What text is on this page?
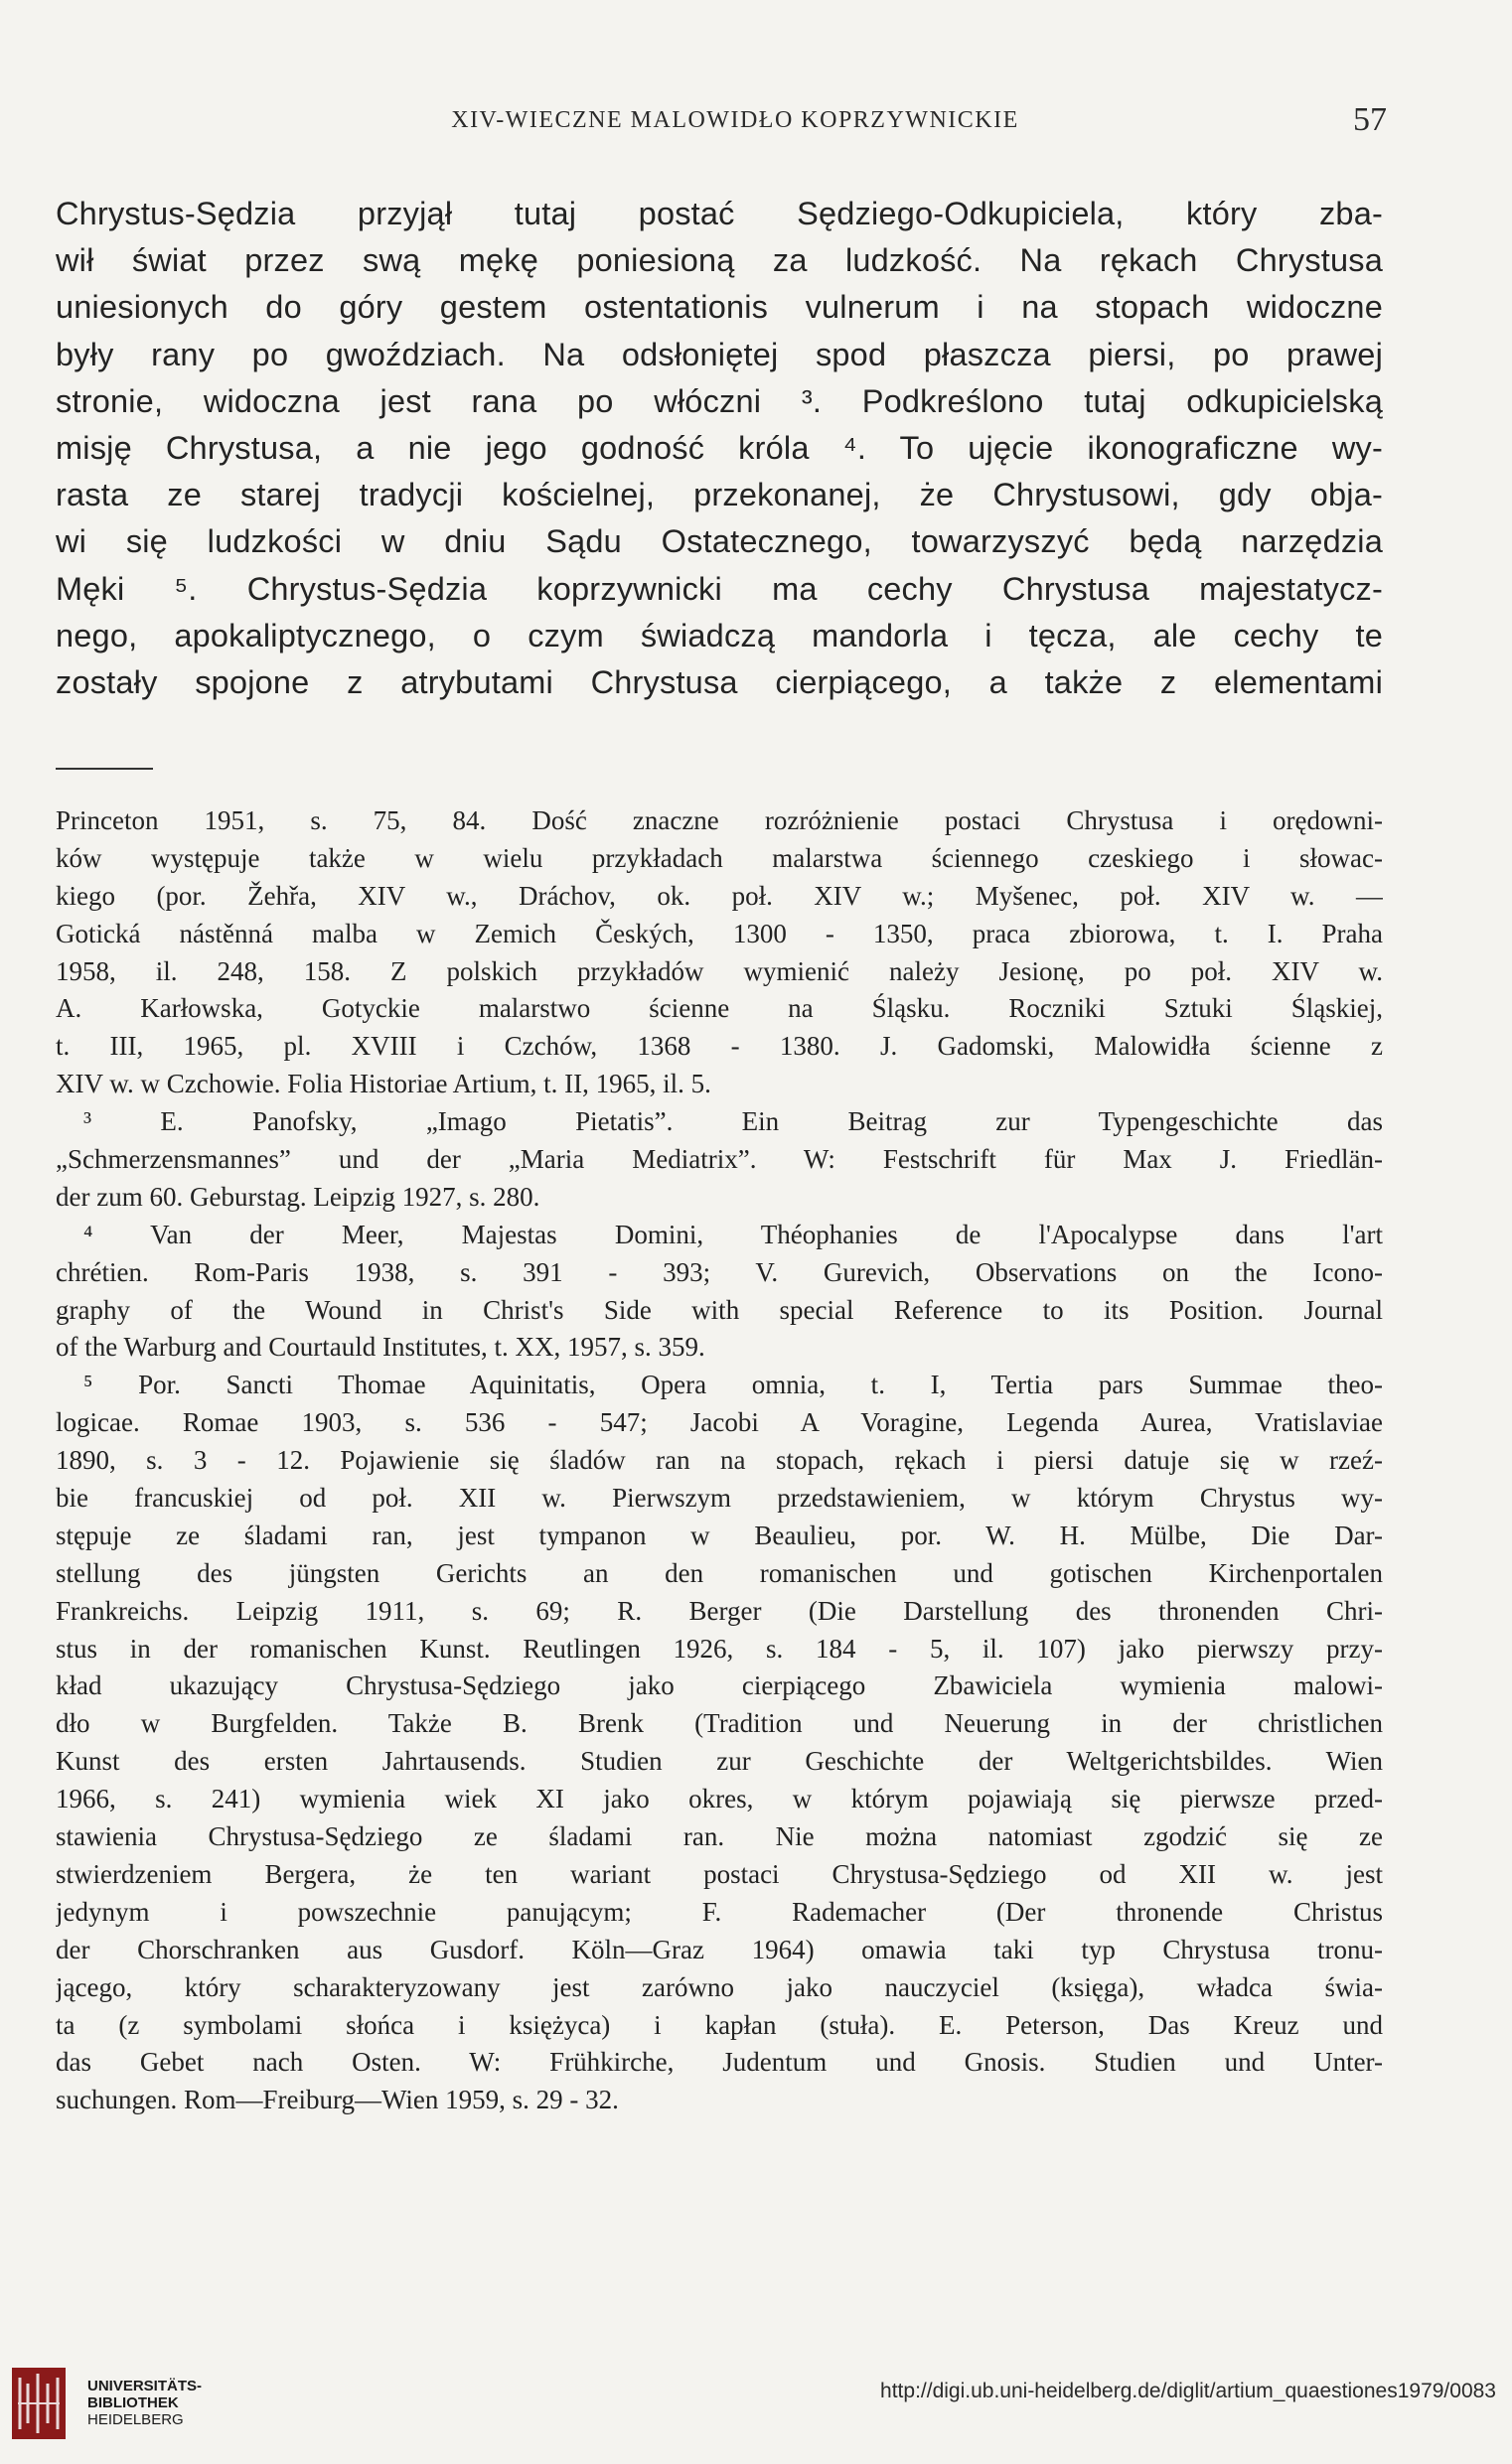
XIV-WIECZNE MALOWIDŁO KOPRZYWNICKIE	57
Chrystus-Sędzia przyjął tutaj postać Sędziego-Odkupiciela, który zba-
wił świat przez swą mękę poniesioną za ludzkość. Na rękach Chrystusa
uniesionych do góry gestem ostentationis vulnerum i na stopach widoczne
były rany po gwoździach. Na odsłoniętej spod płaszcza piersi, po prawej
stronie, widoczna jest rana po włóczni ³. Podkreślono tutaj odkupicielską
misję Chrystusa, a nie jego godność króla ⁴. To ujęcie ikonograficzne wy-
rasta ze starej tradycji kościelnej, przekonanej, że Chrystusowi, gdy obja-
wi się ludzkości w dniu Sądu Ostatecznego, towarzyszyć będą narzędzia
Męki ⁵. Chrystus-Sędzia koprzywnicki ma cechy Chrystusa majestatycz-
nego, apokaliptycznego, o czym świadczą mandorla i tęcza, ale cechy te
zostały spojone z atrybutami Chrystusa cierpiącego, a także z elementami
Princeton 1951, s. 75, 84. Dość znaczne rozróżnienie postaci Chrystusa i orędowni-
ków występuje także w wielu przykładach malarstwa ściennego czeskiego i słowac-
kiego (por. Žehřa, XIV w., Dráchov, ok. poł. XIV w.; Myšenec, poł. XIV w. —
Gotická nástěnná malba w Zemich Českých, 1300 - 1350, praca zbiorowa, t. I. Praha
1958, il. 248, 158. Z polskich przykładów wymienić należy Jesionę, po poł. XIV w.
A. Karłowska, Gotyckie malarstwo ścienne na Śląsku. Roczniki Sztuki Śląskiej,
t. III, 1965, pl. XVIII i Czchów, 1368 - 1380. J. Gadomski, Malowidła ścienne z
XIV w. w Czchowie. Folia Historiae Artium, t. II, 1965, il. 5.
³ E. Panofsky, „Imago Pietatis”. Ein Beitrag zur Typengeschichte das
„Schmerzensmannes” und der „Maria Mediatrix”. W: Festschrift für Max J. Friedlän-
der zum 60. Geburstag. Leipzig 1927, s. 280.
⁴ Van der Meer, Majestas Domini, Théophanies de l'Apocalypse dans l'art
chrétien. Rom-Paris 1938, s. 391 - 393; V. Gurevich, Observations on the Icono-
graphy of the Wound in Christ's Side with special Reference to its Position. Journal
of the Warburg and Courtauld Institutes, t. XX, 1957, s. 359.
⁵ Por. Sancti Thomae Aquinitatis, Opera omnia, t. I, Tertia pars Summae theo-
logicae. Romae 1903, s. 536 - 547; Jacobi A Voragine, Legenda Aurea, Vratislaviae
1890, s. 3 - 12. Pojawienie się śladów ran na stopach, rękach i piersi datuje się w rzeź-
bie francuskiej od poł. XII w. Pierwszym przedstawieniem, w którym Chrystus wy-
stępuje ze śladami ran, jest tympanon w Beaulieu, por. W. H. Mülbe, Die Dar-
stellung des jüngsten Gerichts an den romanischen und gotischen Kirchenportalen
Frankreichs. Leipzig 1911, s. 69; R. Berger (Die Darstellung des thronenden Chri-
stus in der romanischen Kunst. Reutlingen 1926, s. 184 - 5, il. 107) jako pierwszy przy-
kład ukazujący Chrystusa-Sędziego jako cierpiącego Zbawiciela wymienia malowi-
dło w Burgfelden. Także B. Brenk (Tradition und Neuerung in der christlichen
Kunst des ersten Jahrtausends. Studien zur Geschichte der Weltgerichtsbildes. Wien
1966, s. 241) wymienia wiek XI jako okres, w którym pojawiają się pierwsze przed-
stawienia Chrystusa-Sędziego ze śladami ran. Nie można natomiast zgodzić się ze
stwierdzeniem Bergera, że ten wariant postaci Chrystusa-Sędziego od XII w. jest
jedynym i powszechnie panującym; F. Rademacher (Der thronende Christus
der Chorschranken aus Gusdorf. Köln—Graz 1964) omawia taki typ Chrystusa tronu-
jącego, który scharakteryzowany jest zarówno jako nauczyciel (księga), władca świa-
ta (z symbolami słońca i księżyca) i kapłan (stuła). E. Peterson, Das Kreuz und
das Gebet nach Osten. W: Frühkirche, Judentum und Gnosis. Studien und Unter-
suchungen. Rom—Freiburg—Wien 1959, s. 29 - 32.
UNIVERSITÄTS-
BIBLIOTHEK
HEIDELBERG
http://digi.ub.uni-heidelberg.de/diglit/artium_quaestiones1979/0083
